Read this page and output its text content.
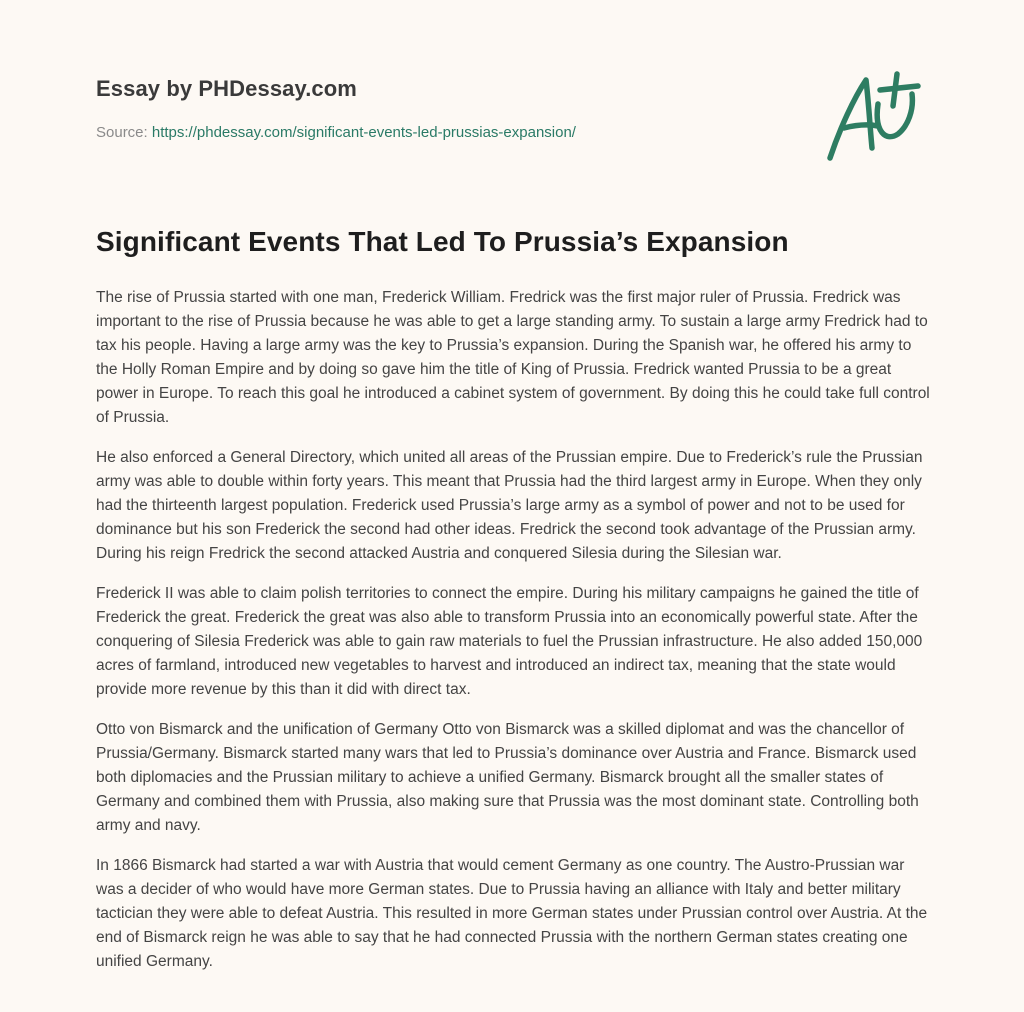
Essay by PHDessay.com
Source: https://phdessay.com/significant-events-led-prussias-expansion/
Significant Events That Led To Prussia’s Expansion

The rise of Prussia started with one man, Frederick William. Fredrick was the first major ruler of Prussia. Fredrick was important to the rise of Prussia because he was able to get a large standing army. To sustain a large army Fredrick had to tax his people. Having a large army was the key to Prussia’s expansion. During the Spanish war, he offered his army to the Holly Roman Empire and by doing so gave him the title of King of Prussia. Fredrick wanted Prussia to be a great power in Europe. To reach this goal he introduced a cabinet system of government. By doing this he could take full control of Prussia.

He also enforced a General Directory, which united all areas of the Prussian empire. Due to Frederick’s rule the Prussian army was able to double within forty years. This meant that Prussia had the third largest army in Europe. When they only had the thirteenth largest population. Frederick used Prussia’s large army as a symbol of power and not to be used for dominance but his son Frederick the second had other ideas. Fredrick the second took advantage of the Prussian army. During his reign Fredrick the second attacked Austria and conquered Silesia during the Silesian war.

Frederick II was able to claim polish territories to connect the empire. During his military campaigns he gained the title of Frederick the great. Frederick the great was also able to transform Prussia into an economically powerful state. After the conquering of Silesia Frederick was able to gain raw materials to fuel the Prussian infrastructure. He also added 150,000 acres of farmland, introduced new vegetables to harvest and introduced an indirect tax, meaning that the state would provide more revenue by this than it did with direct tax.

Otto von Bismarck and the unification of Germany Otto von Bismarck was a skilled diplomat and was the chancellor of Prussia/Germany. Bismarck started many wars that led to Prussia’s dominance over Austria and France. Bismarck used both diplomacies and the Prussian military to achieve a unified Germany. Bismarck brought all the smaller states of Germany and combined them with Prussia, also making sure that Prussia was the most dominant state. Controlling both army and navy.

In 1866 Bismarck had started a war with Austria that would cement Germany as one country. The Austro-Prussian war was a decider of who would have more German states. Due to Prussia having an alliance with Italy and better military tactician they were able to defeat Austria. This resulted in more German states under Prussian control over Austria. At the end of Bismarck reign he was able to say that he had connected Prussia with the northern German states creating one unified Germany.
